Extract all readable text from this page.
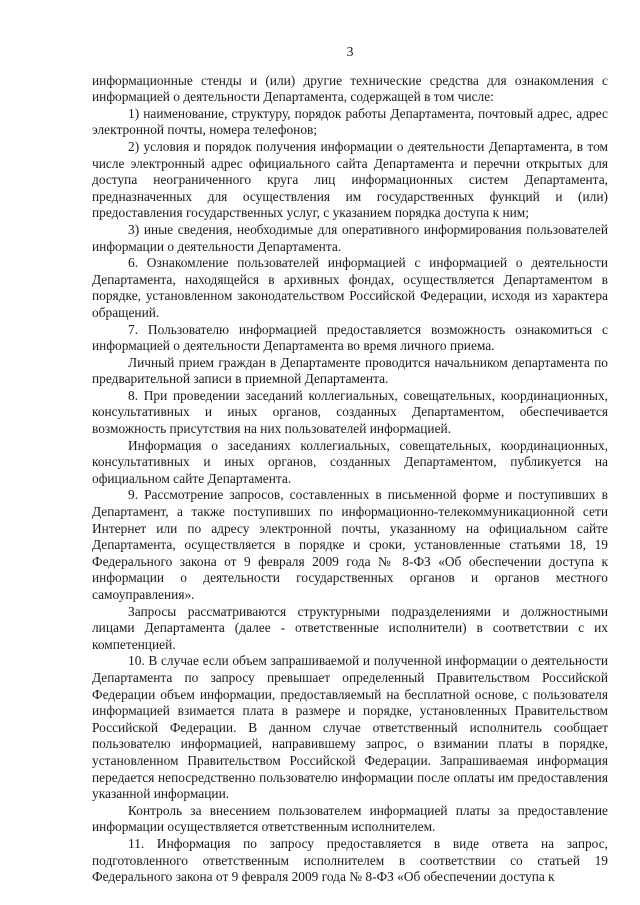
3

информационные стенды и (или) другие технические средства для ознакомления с информацией о деятельности Департамента, содержащей в том числе:

1) наименование, структуру, порядок работы Департамента, почтовый адрес, адрес электронной почты, номера телефонов;

2) условия и порядок получения информации о деятельности Департамента, в том числе электронный адрес официального сайта Департамента и перечни открытых для доступа неограниченного круга лиц информационных систем Департамента, предназначенных для осуществления им государственных функций и (или) предоставления государственных услуг, с указанием порядка доступа к ним;

3) иные сведения, необходимые для оперативного информирования пользователей информации о деятельности Департамента.

6. Ознакомление пользователей информацией с информацией о деятельности Департамента, находящейся в архивных фондах, осуществляется Департаментом в порядке, установленном законодательством Российской Федерации, исходя из характера обращений.

7. Пользователю информацией предоставляется возможность ознакомиться с информацией о деятельности Департамента во время личного приема.

Личный прием граждан в Департаменте проводится начальником департамента по предварительной записи в приемной Департамента.

8. При проведении заседаний коллегиальных, совещательных, координационных, консультативных и иных органов, созданных Департаментом, обеспечивается возможность присутствия на них пользователей информацией.

Информация о заседаниях коллегиальных, совещательных, координационных, консультативных и иных органов, созданных Департаментом, публикуется на официальном сайте Департамента.

9. Рассмотрение запросов, составленных в письменной форме и поступивших в Департамент, а также поступивших по информационно-телекоммуникационной сети Интернет или по адресу электронной почты, указанному на официальном сайте Департамента, осуществляется в порядке и сроки, установленные статьями 18, 19 Федерального закона от 9 февраля 2009 года № 8-ФЗ «Об обеспечении доступа к информации о деятельности государственных органов и органов местного самоуправления».

Запросы рассматриваются структурными подразделениями и должностными лицами Департамента (далее - ответственные исполнители) в соответствии с их компетенцией.

10. В случае если объем запрашиваемой и полученной информации о деятельности Департамента по запросу превышает определенный Правительством Российской Федерации объем информации, предоставляемый на бесплатной основе, с пользователя информацией взимается плата в размере и порядке, установленных Правительством Российской Федерации. В данном случае ответственный исполнитель сообщает пользователю информацией, направившему запрос, о взимании платы в порядке, установленном Правительством Российской Федерации. Запрашиваемая информация передается непосредственно пользователю информации после оплаты им предоставления указанной информации.

Контроль за внесением пользователем информацией платы за предоставление информации осуществляется ответственным исполнителем.

11. Информация по запросу предоставляется в виде ответа на запрос, подготовленного ответственным исполнителем в соответствии со статьей 19 Федерального закона от 9 февраля 2009 года № 8-ФЗ «Об обеспечении доступа к
